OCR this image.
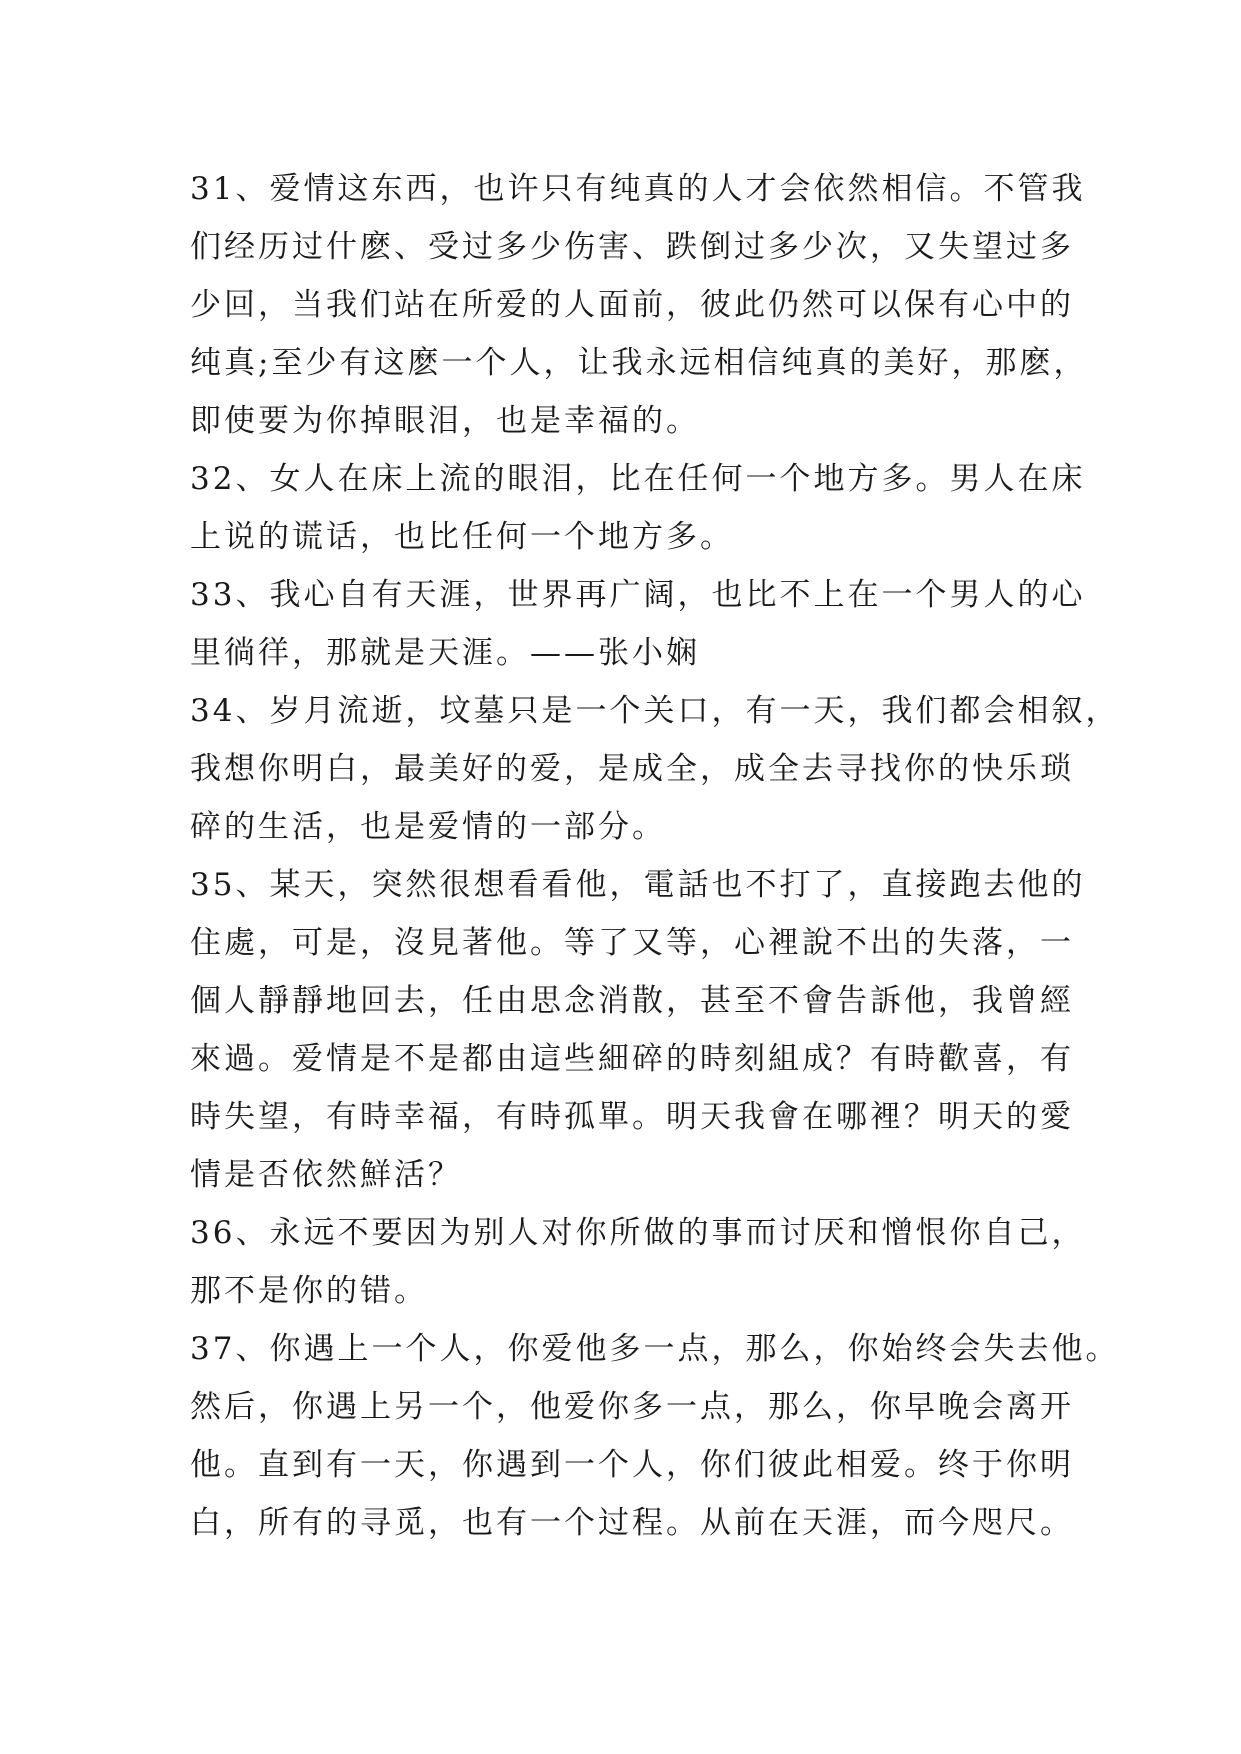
31、爱情这东西，也许只有纯真的人才会依然相信。不管我
们经历过什麽、受过多少伤害、跌倒过多少次，又失望过多
少回，当我们站在所爱的人面前，彼此仍然可以保有心中的
纯真;至少有这麽一个人，让我永远相信纯真的美好，那麽，
即使要为你掉眼泪，也是幸福的。
32、女人在床上流的眼泪，比在任何一个地方多。男人在床
上说的谎话，也比任何一个地方多。
33、我心自有天涯，世界再广阔，也比不上在一个男人的心
里徜徉，那就是天涯。——张小娴
34、岁月流逝，坟墓只是一个关口，有一天，我们都会相叙，
我想你明白，最美好的爱，是成全，成全去寻找你的快乐琐
碎的生活，也是爱情的一部分。
35、某天，突然很想看看他，電話也不打了，直接跑去他的
住處，可是，沒見著他。等了又等，心裡說不出的失落，一
個人靜靜地回去，任由思念消散，甚至不會告訴他，我曾經
來過。爱情是不是都由這些細碎的時刻組成？有時歡喜，有
時失望，有時幸福，有時孤單。明天我會在哪裡？明天的愛
情是否依然鮮活？
36、永远不要因为别人对你所做的事而讨厌和憎恨你自己，
那不是你的错。
37、你遇上一个人，你爱他多一点，那么，你始终会失去他。
然后，你遇上另一个，他爱你多一点，那么，你早晚会离开
他。直到有一天，你遇到一个人，你们彼此相爱。终于你明
白，所有的寻觅，也有一个过程。从前在天涯，而今咫尺。
